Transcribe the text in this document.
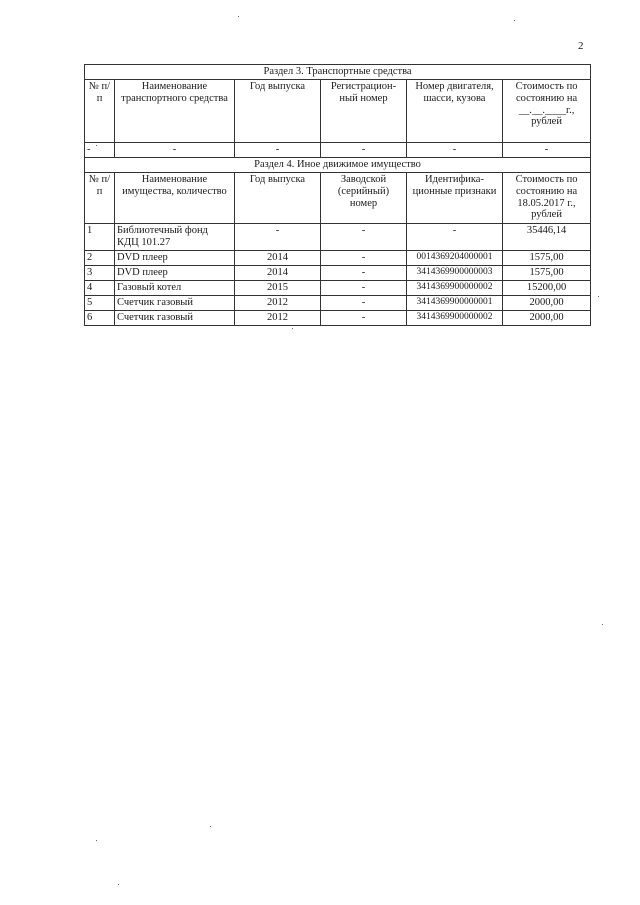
2
Раздел 3. Транспортные средства					
№ п/п	Наименование транспортного средства	Год выпуска	Регистрацион-ный номер	Номер двигателя, шасси, кузова	Стоимость по состоянию на __.__.____г., рублей
-	-	-	-	-	-
Раздел 4. Иное движимое имущество					
№ п/п	Наименование имущества, количество	Год выпуска	Заводской (серийный) номер	Идентифика-ционные признаки	Стоимость по состоянию на 18.05.2017 г., рублей
1	Библиотечный фонд КДЦ 101.27	-	-	-	35446,14
2	DVD плеер	2014	-	0014369204000001	1575,00
3	DVD плеер	2014	-	3414369900000003	1575,00
4	Газовый котел	2015	-	3414369900000002	15200,00
5	Счетчик газовый	2012	-	3414369900000001	2000,00
6	Счетчик газовый	2012	-	3414369900000002	2000,00
